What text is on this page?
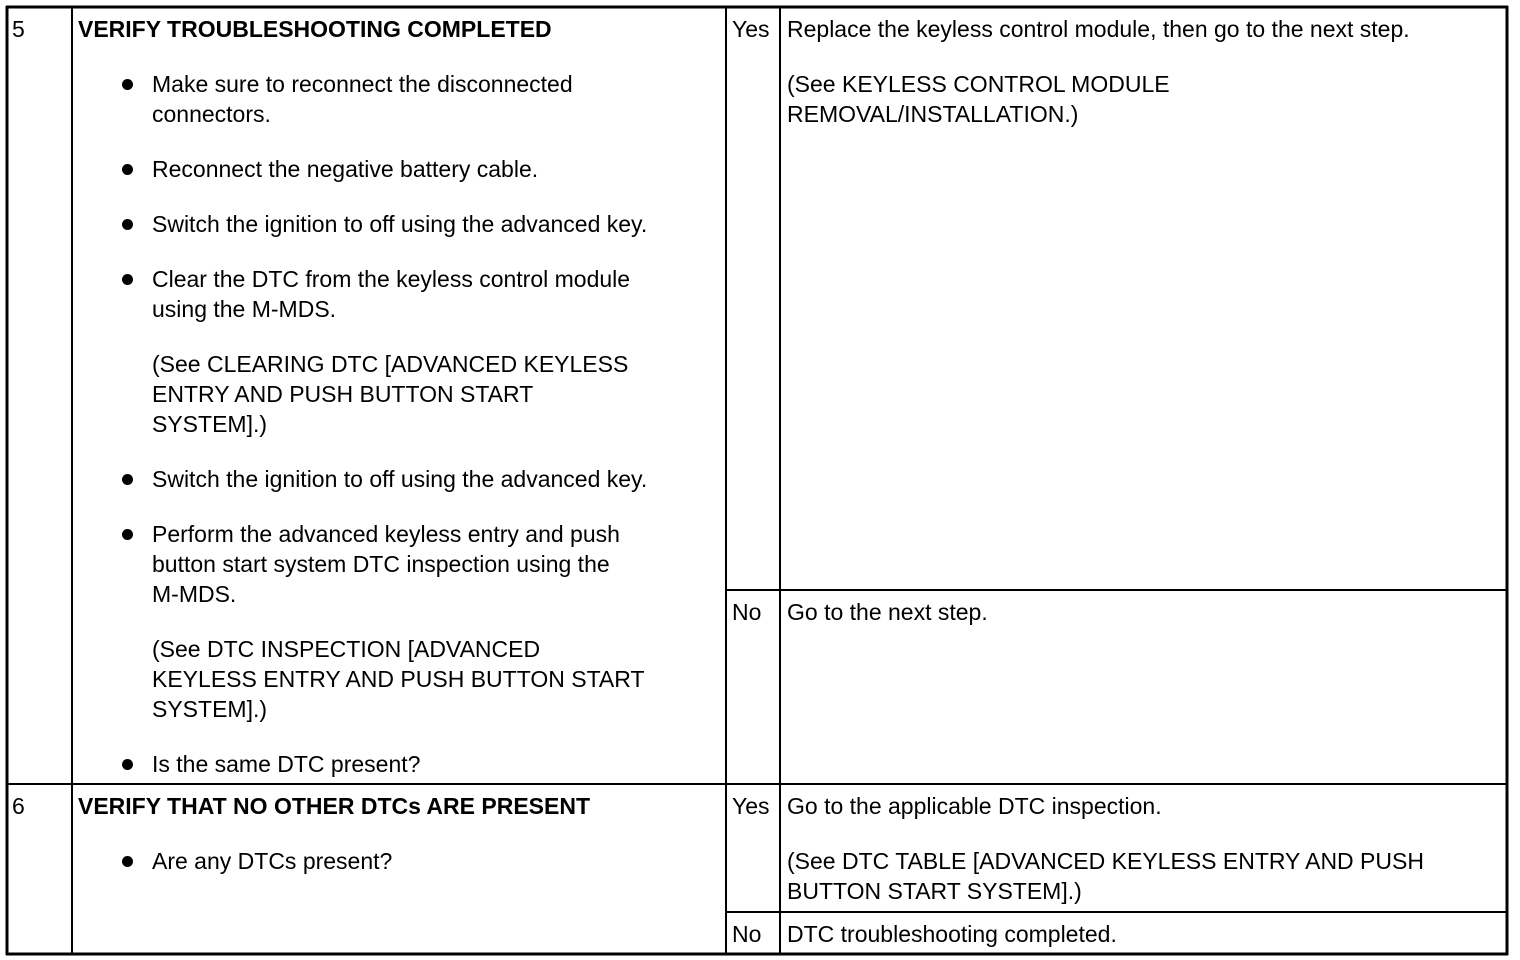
5 VERIFY TROUBLESHOOTING COMPLETED

Make sure to reconnect the disconnected
connectors.

Reconnect the negative battery cable.

Switch the ignition to off using the advanced key.

Clear the DTC from the keyless control module
using the M-MDS.

(See CLEARING DTC [ADVANCED KEYLESS
ENTRY AND PUSH BUTTON START
SYSTEM].)

Switch the ignition to off using the advanced key.

Perform the advanced keyless entry and push
button start system DTC inspection using the
M-MDS.

(See DTC INSPECTION [ADVANCED
KEYLESS ENTRY AND PUSH BUTTON START
SYSTEM].)

Is the same DTC present?

Yes Replace the keyless control module, then go to the next step.
(See KEYLESS CONTROL MODULE
REMOVAL/INSTALLATION.)
No Go to the next step.
6 VERIFY THAT NO OTHER DTCs ARE PRESENT

Are any DTCs present?

Yes Go to the applicable DTC inspection.
(See DTC TABLE [ADVANCED KEYLESS ENTRY AND PUSH
BUTTON START SYSTEM].)
No DTC troubleshooting completed.
